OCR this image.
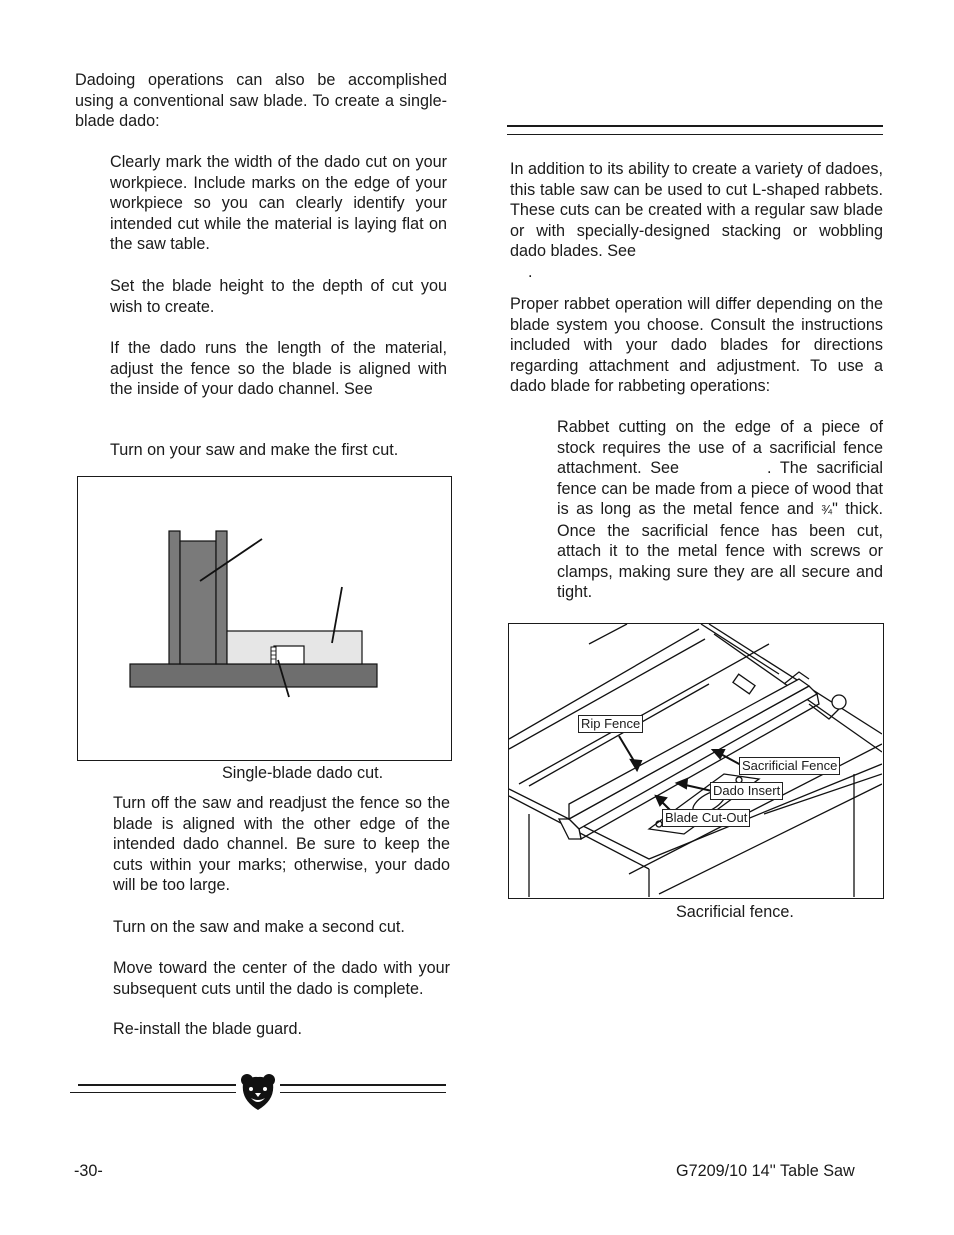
Dadoing operations can also be accomplished using a conventional saw blade. To create a single-blade dado:

Clearly mark the width of the dado cut on your workpiece. Include marks on the edge of your workpiece so you can clearly identify your intended cut while the material is laying flat on the saw table.

Set the blade height to the depth of cut you wish to create.

If the dado runs the length of the material, adjust the fence so the blade is aligned with the inside of your dado channel. See

Turn on your saw and make the first cut.

Single-blade dado cut.

Turn off the saw and readjust the fence so the blade is aligned with the other edge of the intended dado channel. Be sure to keep the cuts within your marks; otherwise, your dado will be too large.

Turn on the saw and make a second cut.

Move toward the center of the dado with your subsequent cuts until the dado is complete.

Re-install the blade guard.

In addition to its ability to create a variety of dadoes, this table saw can be used to cut L-shaped rabbets. These cuts can be created with a regular saw blade or with specially-designed stacking or wobbling dado blades. See
.

Proper rabbet operation will differ depending on the blade system you choose. Consult the instructions included with your dado blades for directions regarding attachment and adjustment. To use a dado blade for rabbeting operations:

Rabbet cutting on the edge of a piece of stock requires the use of a sacrificial fence attachment. See	. The sacrificial fence can be made from a piece of wood that is as long as the metal fence and ¾" thick. Once the sacrificial fence has been cut, attach it to the metal fence with screws or clamps, making sure they are all secure and tight.

Rip Fence
Sacrificial Fence
Dado Insert
Blade Cut-Out

Sacrificial fence.

-30-	G7209/10 14'' Table Saw
